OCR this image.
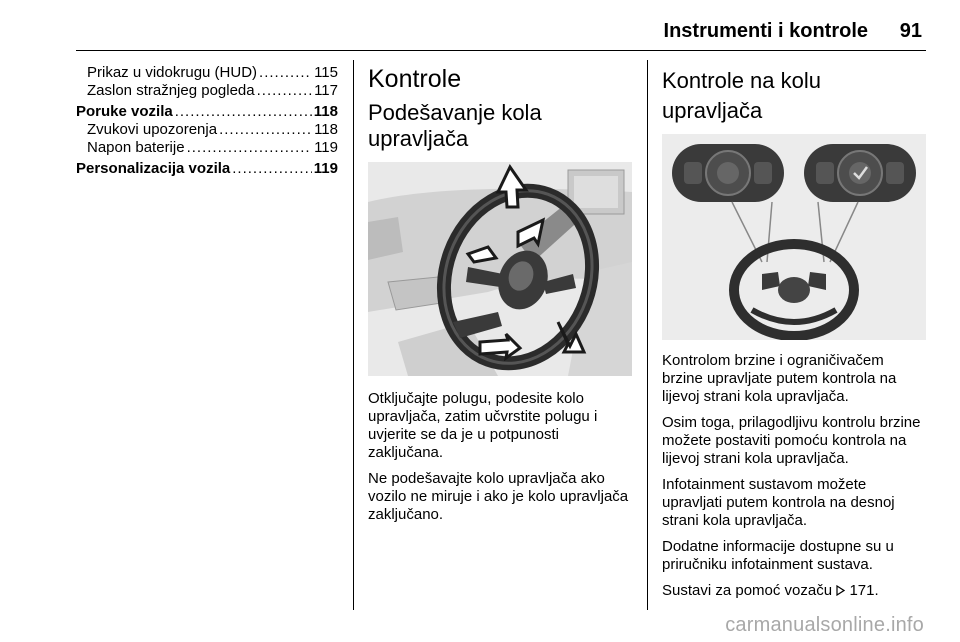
Instrumenti i kontrole 91
Prikaz u vidokrugu (HUD) .....	115
Zaslon stražnjeg pogleda .....	117
Poruke vozila .....	118
Zvukovi upozorenja .....	118
Napon baterije .....	119
Personalizacija vozila .....	119
Kontrole
Podešavanje kola
upravljača

Otključajte polugu, podesite kolo upravljača, zatim učvrstite polugu i uvjerite se da je u potpunosti zaključana.

Ne podešavajte kolo upravljača ako vozilo ne miruje i ako je kolo upravljača zaključano.

Kontrole na kolu upravljača

Kontrolom brzine i ograničivačem brzine upravljate putem kontrola na lijevoj strani kola upravljača.

Osim toga, prilagodljivu kontrolu brzine možete postaviti pomoću kontrola na lijevoj strani kola upravljača.

Infotainment sustavom možete upravljati putem kontrola na desnoj strani kola upravljača.

Dodatne informacije dostupne su u priručniku infotainment sustava.

Sustavi za pomoć vozaču 171.

carmanualsonline.info
